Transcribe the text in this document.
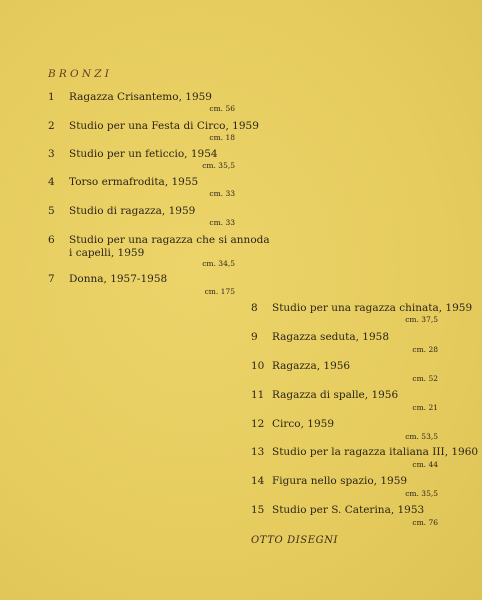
BRONZI
1	Ragazza Crisantemo, 1959
cm. 56
2	Studio per una Festa di Circo, 1959
cm. 18
3	Studio per un feticcio, 1954
cm. 35,5
4	Torso ermafrodita, 1955
cm. 33
5	Studio di ragazza, 1959
cm. 33
6	Studio per una ragazza che si annoda
i capelli, 1959
cm. 34,5
7	Donna, 1957-1958
cm. 175
8	Studio per una ragazza chinata, 1959
cm. 37,5
9	Ragazza seduta, 1958
cm. 28
10 Ragazza, 1956
cm. 52
11 Ragazza di spalle, 1956
cm. 21
12 Circo, 1959
cm. 53,5
13 Studio per la ragazza italiana III, 1960
cm. 44
14 Figura nello spazio, 1959
cm. 35,5
15 Studio per S. Caterina, 1953
cm. 76
OTTO DISEGNI
